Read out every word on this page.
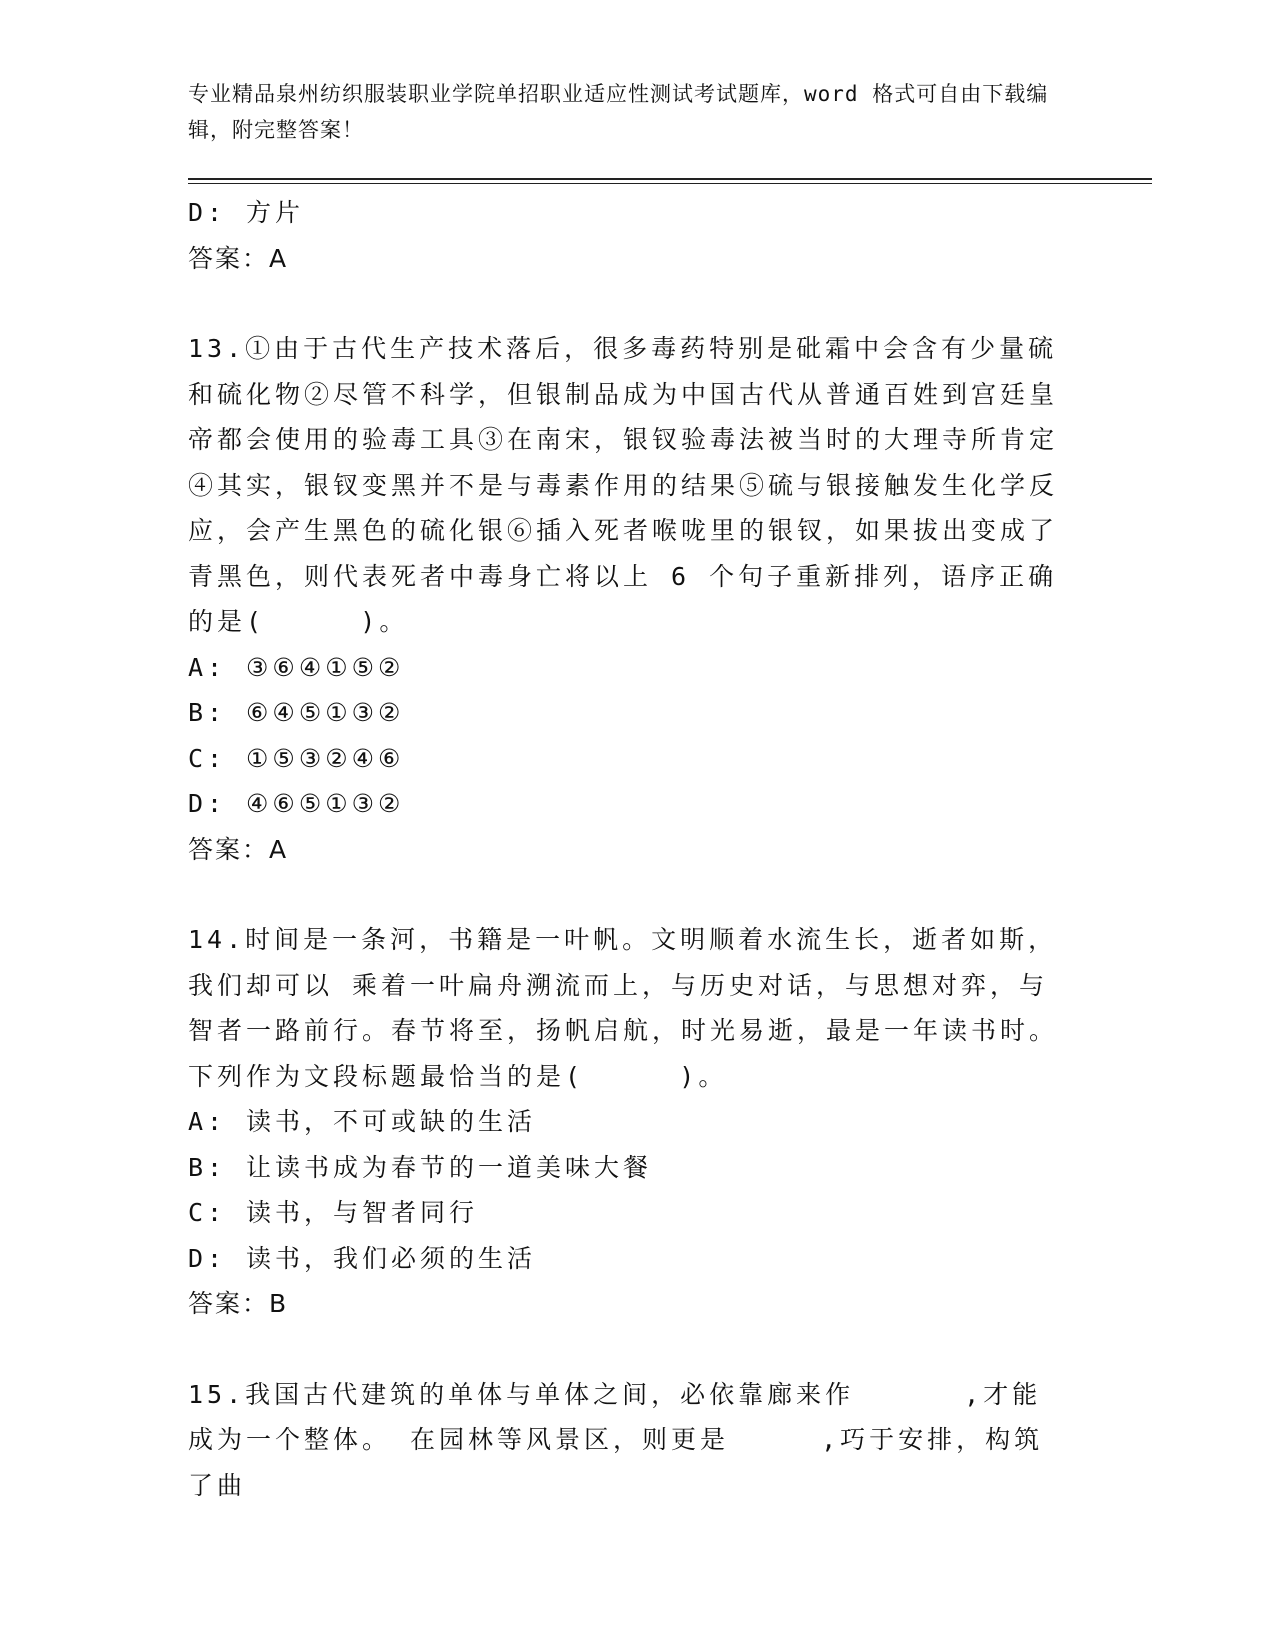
专业精品泉州纺织服装职业学院单招职业适应性测试考试题库，word 格式可自由下载编辑，附完整答案！
D: 方片
答案：A
13.①由于古代生产技术落后，很多毒药特别是砒霜中会含有少量硫和硫化物②尽管不科学，但银制品成为中国古代从普通百姓到宫廷皇帝都会使用的验毒工具③在南宋，银钗验毒法被当时的大理寺所肯定④其实，银钗变黑并不是与毒素作用的结果⑤硫与银接触发生化学反应，会产生黑色的硫化银⑥插入死者喉咙里的银钗，如果拔出变成了青黑色，则代表死者中毒身亡将以上 6 个句子重新排列，语序正确的是(     )。
A: ③⑥④①⑤②
B: ⑥④⑤①③②
C: ①⑤③②④⑥
D: ④⑥⑤①③②
答案：A
14.时间是一条河，书籍是一叶帆。文明顺着水流生长，逝者如斯，我们却可以 乘着一叶扁舟溯流而上，与历史对话，与思想对弈，与智者一路前行。春节将至，扬帆启航，时光易逝，最是一年读书时。下列作为文段标题最恰当的是(     )。
A: 读书，不可或缺的生活
B: 让读书成为春节的一道美味大餐
C: 读书，与智者同行
D: 读书，我们必须的生活
答案：B
15.我国古代建筑的单体与单体之间，必依靠廊来作	,才能成为一个整体。 在园林等风景区，则更是	,巧于安排，构筑了曲
